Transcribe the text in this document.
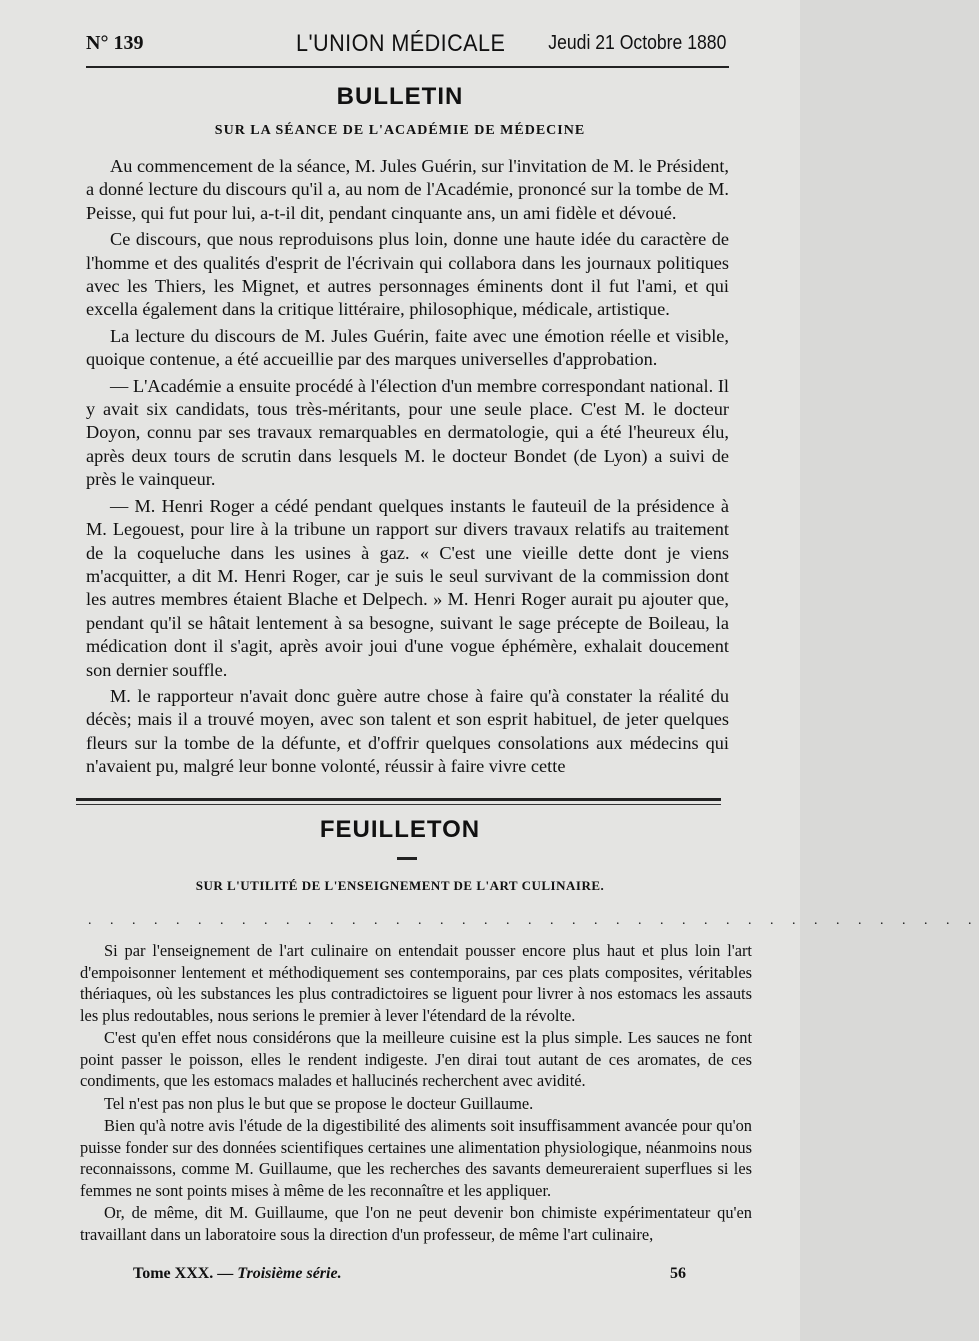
N° 139	L'UNION MÉDICALE Jeudi 21 Octobre 1880
BULLETIN
SUR LA SÉANCE DE L'ACADÉMIE DE MÉDECINE

Au commencement de la séance, M. Jules Guérin, sur l'invitation de M. le Président, a donné lecture du discours qu'il a, au nom de l'Académie, prononcé sur la tombe de M. Peisse, qui fut pour lui, a-t-il dit, pendant cinquante ans, un ami fidèle et dévoué.

Ce discours, que nous reproduisons plus loin, donne une haute idée du caractère de l'homme et des qualités d'esprit de l'écrivain qui collabora dans les journaux politiques avec les Thiers, les Mignet, et autres personnages éminents dont il fut l'ami, et qui excella également dans la critique littéraire, philosophique, médicale, artistique.

La lecture du discours de M. Jules Guérin, faite avec une émotion réelle et visible, quoique contenue, a été accueillie par des marques universelles d'approbation.

— L'Académie a ensuite procédé à l'élection d'un membre correspondant national. Il y avait six candidats, tous très-méritants, pour une seule place. C'est M. le docteur Doyon, connu par ses travaux remarquables en dermatologie, qui a été l'heureux élu, après deux tours de scrutin dans lesquels M. le docteur Bondet (de Lyon) a suivi de près le vainqueur.

— M. Henri Roger a cédé pendant quelques instants le fauteuil de la présidence à M. Legouest, pour lire à la tribune un rapport sur divers travaux relatifs au traitement de la coqueluche dans les usines à gaz. « C'est une vieille dette dont je viens m'acquitter, a dit M. Henri Roger, car je suis le seul survivant de la commission dont les autres membres étaient Blache et Delpech. » M. Henri Roger aurait pu ajouter que, pendant qu'il se hâtait lentement à sa besogne, suivant le sage précepte de Boileau, la médication dont il s'agit, après avoir joui d'une vogue éphémère, exhalait doucement son dernier souffle.

M. le rapporteur n'avait donc guère autre chose à faire qu'à constater la réalité du décès; mais il a trouvé moyen, avec son talent et son esprit habituel, de jeter quelques fleurs sur la tombe de la défunte, et d'offrir quelques consolations aux médecins qui n'avaient pu, malgré leur bonne volonté, réussir à faire vivre cette

FEUILLETON
SUR L'UTILITÉ DE L'ENSEIGNEMENT DE L'ART CULINAIRE.
. . . . . . . . . . . . . . . . . . . . . . . . . . . . . . . . . . . . . . . . .

Si par l'enseignement de l'art culinaire on entendait pousser encore plus haut et plus loin l'art d'empoisonner lentement et méthodiquement ses contemporains, par ces plats composites, véritables thériaques, où les substances les plus contradictoires se liguent pour livrer à nos estomacs les assauts les plus redoutables, nous serions le premier à lever l'étendard de la révolte.

C'est qu'en effet nous considérons que la meilleure cuisine est la plus simple. Les sauces ne font point passer le poisson, elles le rendent indigeste. J'en dirai tout autant de ces aromates, de ces condiments, que les estomacs malades et hallucinés recherchent avec avidité.

Tel n'est pas non plus le but que se propose le docteur Guillaume.

Bien qu'à notre avis l'étude de la digestibilité des aliments soit insuffisamment avancée pour qu'on puisse fonder sur des données scientifiques certaines une alimentation physiologique, néanmoins nous reconnaissons, comme M. Guillaume, que les recherches des savants demeureraient superflues si les femmes ne sont points mises à même de les reconnaître et les appliquer.

Or, de même, dit M. Guillaume, que l'on ne peut devenir bon chimiste expérimentateur qu'en travaillant dans un laboratoire sous la direction d'un professeur, de même l'art culinaire,

Tome XXX. — Troisième série.	56
